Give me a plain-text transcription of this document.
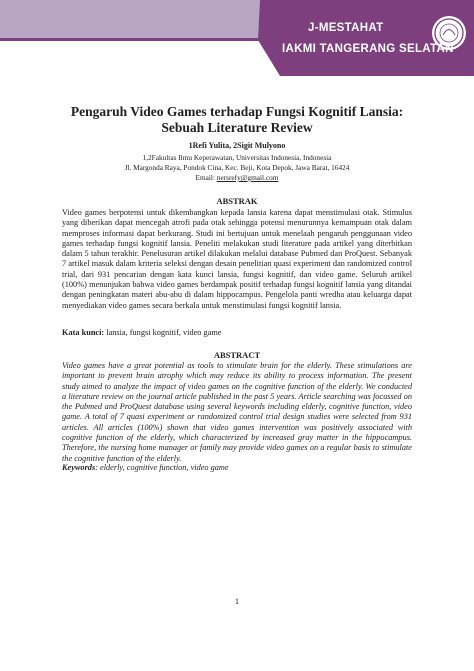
J-MESTAHAT
IAKMI TANGERANG SELATAN
Pengaruh Video Games terhadap Fungsi Kognitif Lansia:
Sebuah Literature Review
1Refi Yulita, 2Sigit Mulyono
1,2Fakultas Ilmu Keperawatan, Universitas Indonesia, Indonesia
Jl. Margonda Raya, Pondok Cina, Kec. Beji, Kota Depok, Jawa Barat, 16424
Email: nersrefy@gmail.com
ABSTRAK
Video games berpotensi untuk dikembangkan kepada lansia karena dapat menstimulasi otak. Stimulus yang diberikan dapat mencegah atrofi pada otak sehingga potensi menurunnya kemampuan otak dalam memproses informasi dapat berkurang. Studi ini bertujuan untuk menelaah pengaruh penggunaan video games terhadap fungsi kognitif lansia. Peneliti melakukan studi literature pada artikel yang diterbitkan dalam 5 tahun terakhir. Penelusuran artikel dilakukan melalui database Pubmed dan ProQuest. Sebanyak 7 artikel masuk dalam kriteria seleksi dengan desain penelitian quasi experiment dan randomized control trial, dari 931 pencarian dengan kata kunci lansia, fungsi kognitif, dan video game. Seluruh artikel (100%) menunjukan bahwa video games berdampak positif terhadap fungsi kognitif lansia yang ditandai dengan peningkatan materi abu-abu di dalam hippocampus. Pengelola panti wredha atau keluarga dapat menyediakan video games secara berkala untuk menstimulasi fungsi kognitif lansia.
Kata kunci: lansia, fungsi kognitif, video game
ABSTRACT
Video games have a great potential as tools to stimulate brain for the elderly. These stimulations are important to prevent brain atrophy which may reduce its ability to process information. The present study aimed to analyze the impact of video games on the cognitive function of the elderly. We conducted a literature review on the journal article published in the past 5 years. Article searching was focussed on the Pubmed and ProQuest database using several keywords including elderly, cognitive function, video game. A total of 7 quasi experiment or randomized control trial design studies were selected from 931 articles. All articles (100%) shown that video games intervention was positively associated with cognitive function of the elderly, which characterized by increased gray matter in the hippocampus. Therefore, the nursing home manager or family may provide video games on a regular basis to stimulate the cognitive function of the elderly.
Keywords: elderly, cognitive function, video game
1
